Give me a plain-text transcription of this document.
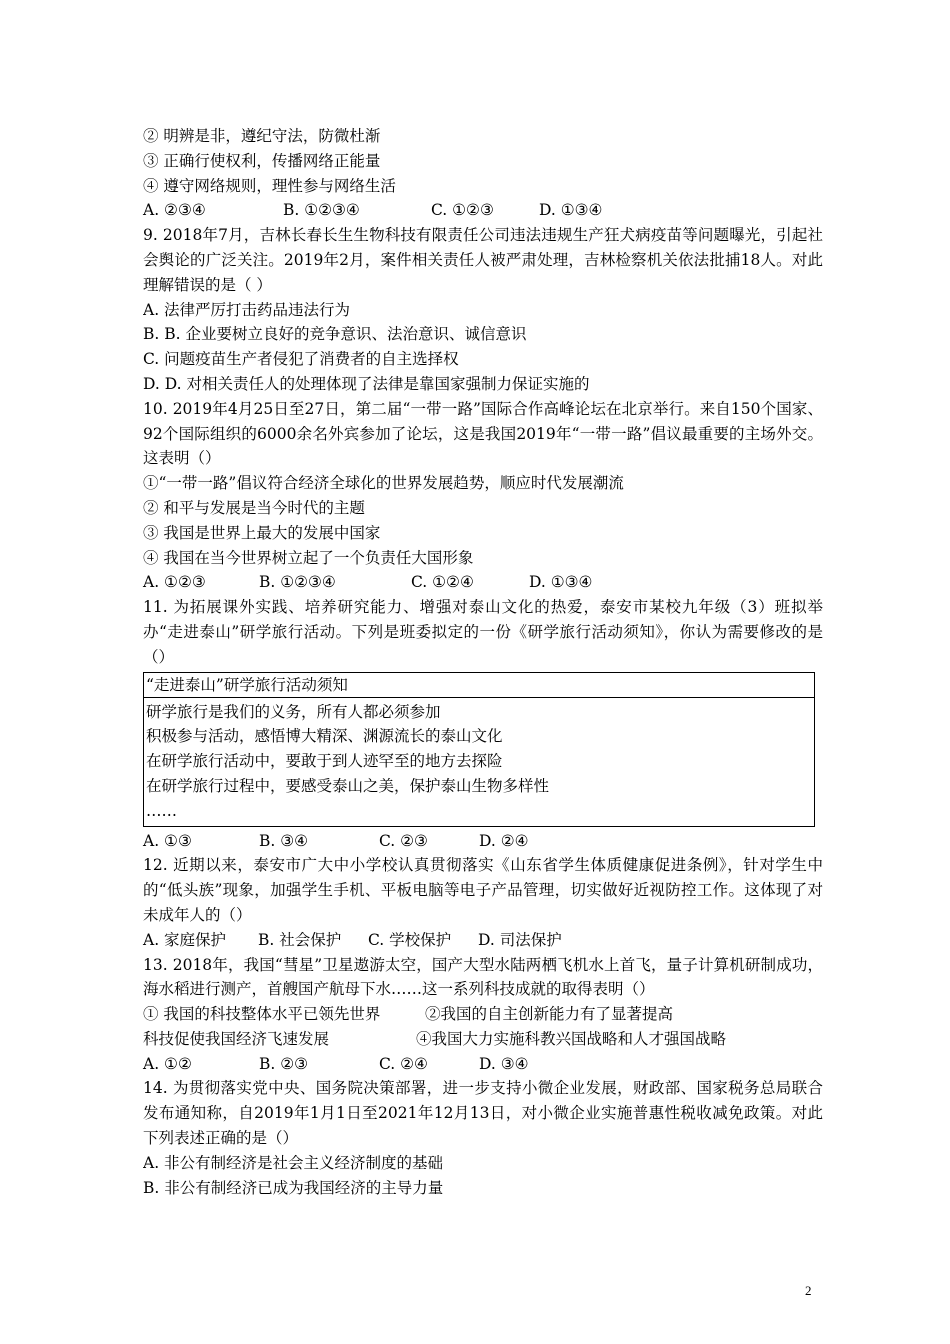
② 明辨是非，遵纪守法，防微杜渐
③ 正确行使权利，传播网络正能量
④ 遵守网络规则，理性参与网络生活
A. ②③④	B. ①②③④	C. ①②③	D. ①③④
9. 2018年7月，吉林长春长生生物科技有限责任公司违法违规生产狂犬病疫苗等问题曝光，引起社会舆论的广泛关注。2019年2月，案件相关责任人被严肃处理，吉林检察机关依法批捕18人。对此理解错误的是（ ）
A. 法律严厉打击药品违法行为
B. B. 企业要树立良好的竞争意识、法治意识、诚信意识
C. 问题疫苗生产者侵犯了消费者的自主选择权
D. D. 对相关责任人的处理体现了法律是靠国家强制力保证实施的
10. 2019年4月25日至27日，第二届“一带一路”国际合作高峰论坛在北京举行。来自150个国家、92个国际组织的6000余名外宾参加了论坛，这是我国2019年“一带一路”倡议最重要的主场外交。这表明（）
①“一带一路”倡议符合经济全球化的世界发展趋势，顺应时代发展潮流
② 和平与发展是当今时代的主题
③ 我国是世界上最大的发展中国家
④ 我国在当今世界树立起了一个负责任大国形象
A. ①②③	B. ①②③④	C. ①②④	D. ①③④
11. 为拓展课外实践、培养研究能力、增强对泰山文化的热爱，泰安市某校九年级（3）班拟举办“走进泰山”研学旅行活动。下列是班委拟定的一份《研学旅行活动须知》，你认为需要修改的是（）
“走进泰山”研学旅行活动须知
研学旅行是我们的义务，所有人都必须参加
积极参与活动，感悟博大精深、渊源流长的泰山文化
在研学旅行活动中，要敢于到人迹罕至的地方去探险
在研学旅行过程中，要感受泰山之美，保护泰山生物多样性
……
A. ①③	B. ③④	C. ②③	D. ②④
12. 近期以来，泰安市广大中小学校认真贯彻落实《山东省学生体质健康促进条例》，针对学生中的“低头族”现象，加强学生手机、平板电脑等电子产品管理，切实做好近视防控工作。这体现了对未成年人的（）
A. 家庭保护	B. 社会保护	C. 学校保护	D. 司法保护
13. 2018年，我国“彗星”卫星遨游太空，国产大型水陆两栖飞机水上首飞，量子计算机研制成功，海水稻进行测产，首艘国产航母下水……这一系列科技成就的取得表明（）
① 我国的科技整体水平已领先世界	②我国的自主创新能力有了显著提高
科技促使我国经济飞速发展	④我国大力实施科教兴国战略和人才强国战略
A. ①②	B. ②③	C. ②④	D. ③④
14. 为贯彻落实党中央、国务院决策部署，进一步支持小微企业发展，财政部、国家税务总局联合发布通知称，自2019年1月1日至2021年12月13日，对小微企业实施普惠性税收减免政策。对此下列表述正确的是（）
A. 非公有制经济是社会主义经济制度的基础
B. 非公有制经济已成为我国经济的主导力量
2
